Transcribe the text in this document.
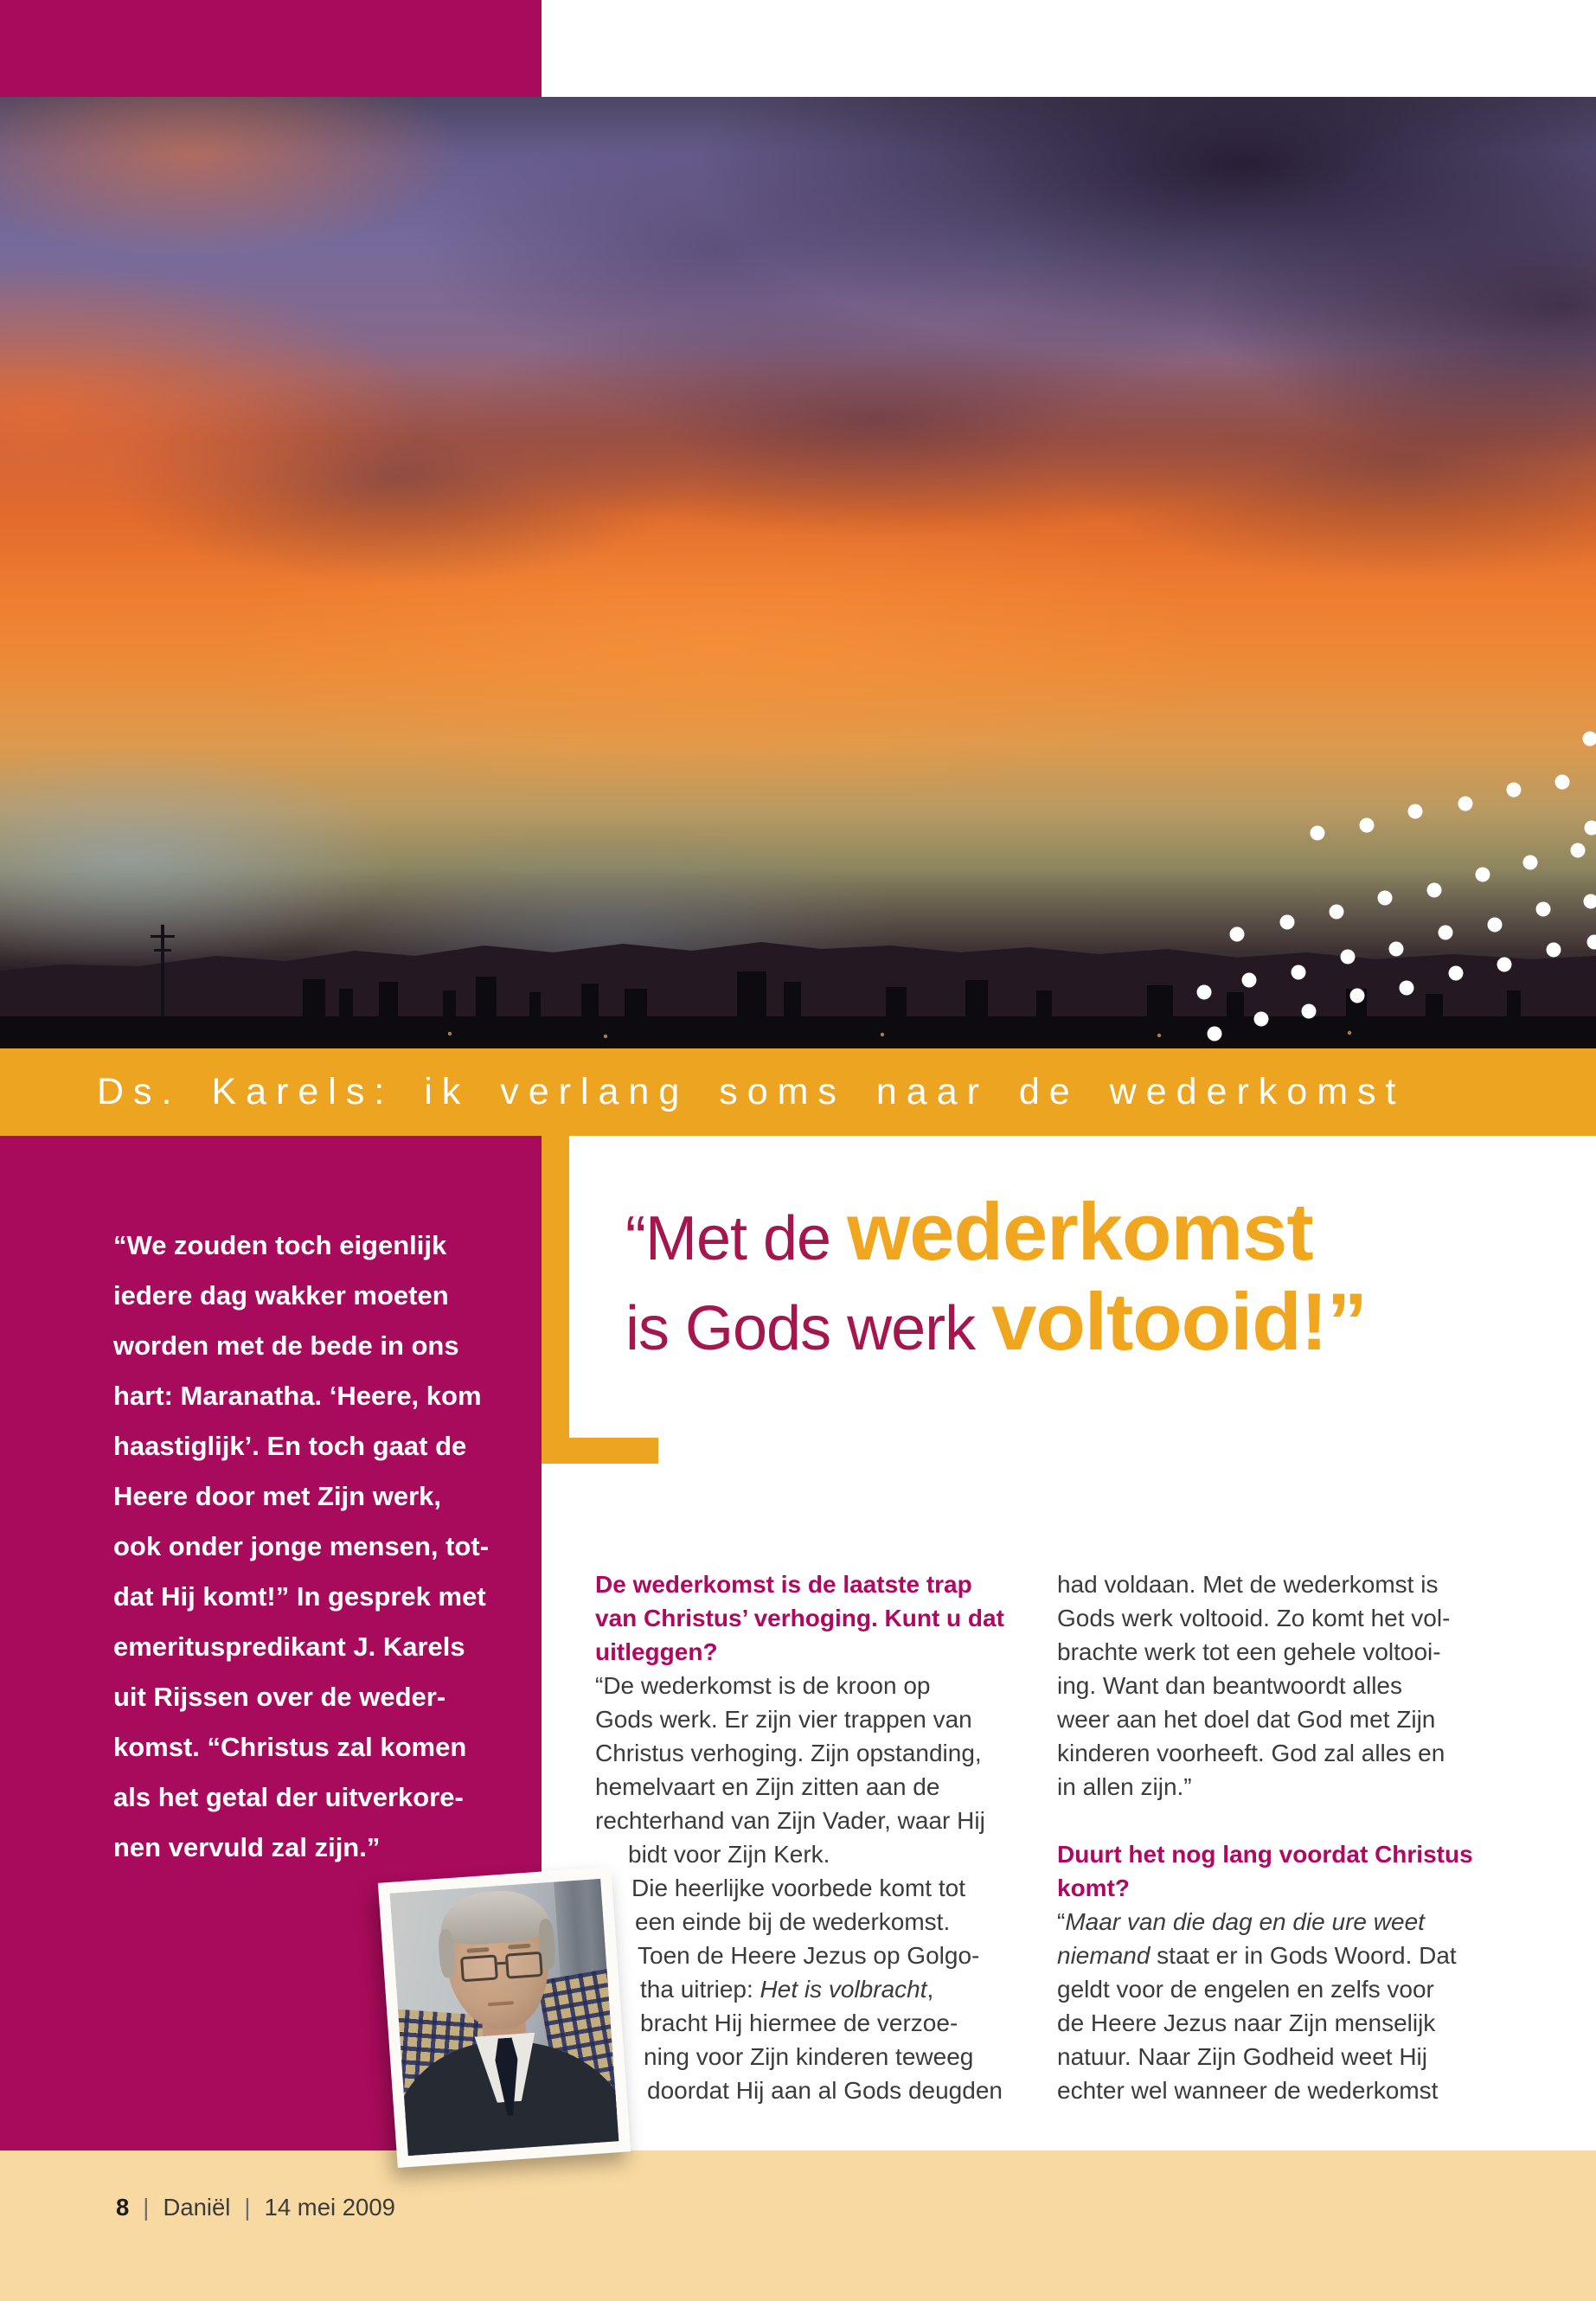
Ds. Karels: ik verlang soms naar de wederkomst
“We zouden toch eigenlijk
iedere dag wakker moeten
worden met de bede in ons
hart: Maranatha. ‘Heere, kom
haastiglijk’. En toch gaat de
Heere door met Zijn werk,
ook onder jonge mensen, tot-
dat Hij komt!” In gesprek met
emerituspredikant J. Karels
uit Rijssen over de weder-
komst. “Christus zal komen
als het getal der uitverkore-
nen vervuld zal zijn.”
“Met de wederkomst
is Gods werk voltooid!”
De wederkomst is de laatste trap
van Christus’ verhoging. Kunt u dat
uitleggen?
“De wederkomst is de kroon op
Gods werk. Er zijn vier trappen van
Christus verhoging. Zijn opstanding,
hemelvaart en Zijn zitten aan de
rechterhand van Zijn Vader, waar Hij
bidt voor Zijn Kerk.
Die heerlijke voorbede komt tot
een einde bij de wederkomst.
Toen de Heere Jezus op Golgo-
tha uitriep: Het is volbracht,
bracht Hij hiermee de verzoe-
ning voor Zijn kinderen teweeg
doordat Hij aan al Gods deugden
had voldaan. Met de wederkomst is
Gods werk voltooid. Zo komt het vol-
brachte werk tot een gehele voltooi-
ing. Want dan beantwoordt alles
weer aan het doel dat God met Zijn
kinderen voorheeft. God zal alles en
in allen zijn.”
Duurt het nog lang voordat Christus
komt?
“Maar van die dag en die ure weet
niemand staat er in Gods Woord. Dat
geldt voor de engelen en zelfs voor
de Heere Jezus naar Zijn menselijk
natuur. Naar Zijn Godheid weet Hij
echter wel wanneer de wederkomst
8 | Daniël | 14 mei 2009
